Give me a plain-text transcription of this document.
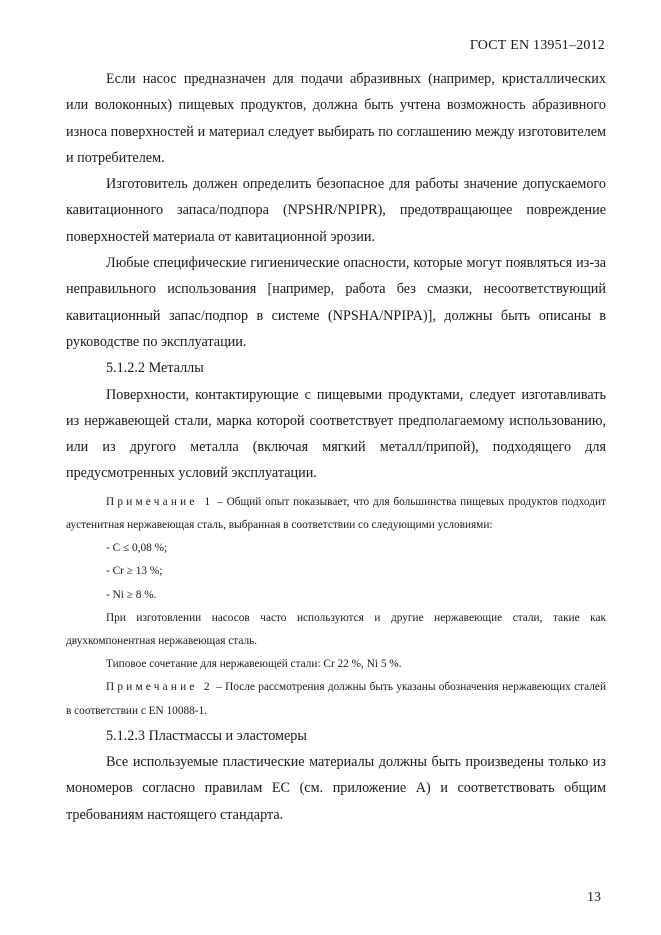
ГОСТ EN 13951–2012

Если насос предназначен для подачи абразивных (например, кристаллических или волоконных) пищевых продуктов, должна быть учтена возможность абразивного износа поверхностей и материал следует выбирать по соглашению между изготовителем и потребителем.

Изготовитель должен определить безопасное для работы значение допускаемого кавитационного запаса/подпора (NPSHR/NPIPR), предотвращающее повреждение поверхностей материала от кавитационной эрозии.

Любые специфические гигиенические опасности, которые могут появляться из-за неправильного использования [например, работа без смазки, несоответствующий кавитационный запас/подпор в системе (NPSHA/NPIPA)], должны быть описаны в руководстве по эксплуатации.

5.1.2.2 Металлы

Поверхности, контактирующие с пищевыми продуктами, следует изготавливать из нержавеющей стали, марка которой соответствует предполагаемому использованию, или из другого металла (включая мягкий металл/припой), подходящего для предусмотренных условий эксплуатации.

Примечание 1 – Общий опыт показывает, что для большинства пищевых продуктов подходит аустенитная нержавеющая сталь, выбранная в соответствии со следующими условиями:

- C ≤ 0,08 %;

- Cr ≥ 13 %;

- Ni ≥ 8 %.

При изготовлении насосов часто используются и другие нержавеющие стали, такие как двухкомпонентная нержавеющая сталь.

Типовое сочетание для нержавеющей стали: Cr 22 %, Ni 5 %.

Примечание 2 – После рассмотрения должны быть указаны обозначения нержавеющих сталей в соответствии с EN 10088-1.

5.1.2.3 Пластмассы и эластомеры

Все используемые пластические материалы должны быть произведены только из мономеров согласно правилам ЕС (см. приложение А) и соответствовать общим требованиям настоящего стандарта.

13
